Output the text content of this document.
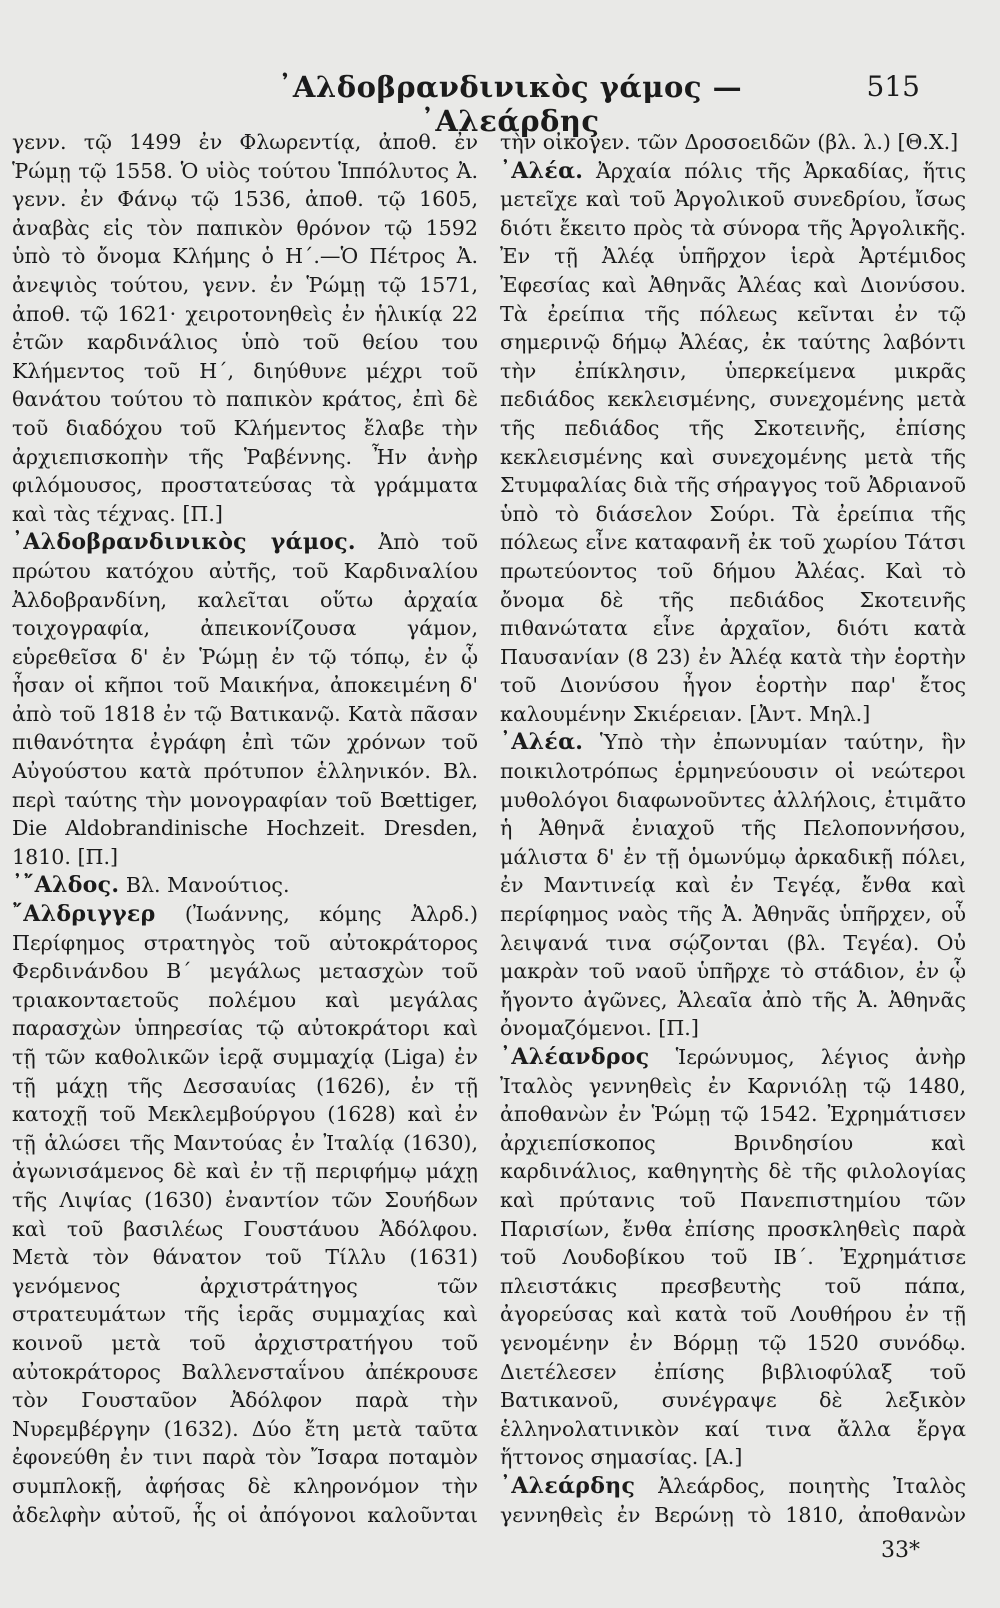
᾿Αλδοβρανδινικὸς γάμος — ᾿Αλεάρδης
515

γενν. τῷ 1499 ἐν Φλωρεντίᾳ, ἀποθ. ἐν Ῥώμῃ τῷ 1558. Ὁ υἱὸς τούτου Ἱππόλυτος Ἀ. γενν. ἐν Φάνῳ τῷ 1536, ἀποθ. τῷ 1605, ἀναβὰς εἰς τὸν παπικὸν θρόνον τῷ 1592 ὑπὸ τὸ ὄνομα Κλήμης ὁ Η΄.—Ὁ Πέτρος Ἀ. ἀνεψιὸς τούτου, γενν. ἐν Ῥώμῃ τῷ 1571, ἀποθ. τῷ 1621· χειροτονηθεὶς ἐν ἡλικίᾳ 22 ἐτῶν καρδινάλιος ὑπὸ τοῦ θείου του Κλήμεντος τοῦ Η΄, διηύθυνε μέχρι τοῦ θανάτου τούτου τὸ παπικὸν κράτος, ἐπὶ δὲ τοῦ διαδόχου τοῦ Κλήμεντος ἔλαβε τὴν ἀρχιεπισκοπὴν τῆς Ῥαβέννης. Ἦν ἀνὴρ φιλόμουσος, προστατεύσας τὰ γράμματα καὶ τὰς τέχνας. [Π.]

᾿Αλδοβρανδινικὸς γάμος. Ἀπὸ τοῦ πρώτου κατόχου αὐτῆς, τοῦ Καρδιναλίου Ἀλδοβρανδίνη, καλεῖται οὕτω ἀρχαία τοιχογραφία, ἀπεικονίζουσα γάμον, εὑρεθεῖσα δ' ἐν Ῥώμῃ ἐν τῷ τόπῳ, ἐν ᾧ ἦσαν οἱ κῆποι τοῦ Μαικήνα, ἀποκειμένη δ' ἀπὸ τοῦ 1818 ἐν τῷ Βατικανῷ. Κατὰ πᾶσαν πιθανότητα ἐγράφη ἐπὶ τῶν χρόνων τοῦ Αὐγούστου κατὰ πρότυπον ἑλληνικόν. Βλ. περὶ ταύτης τὴν μονογραφίαν τοῦ Bœttiger, Die Aldobrandinische Hochzeit. Dresden, 1810. [Π.]

᾿῎Αλδος. Βλ. Μανούτιος.

῎Αλδριγγερ (Ἰωάννης, κόμης Ἀλρδ.) Περίφημος στρατηγὸς τοῦ αὐτοκράτορος Φερδινάνδου Β΄ μεγάλως μετασχὼν τοῦ τριακονταετοῦς πολέμου καὶ μεγάλας παρασχὼν ὑπηρεσίας τῷ αὐτοκράτορι καὶ τῇ τῶν καθολικῶν ἱερᾷ συμμαχίᾳ (Liga) ἐν τῇ μάχῃ τῆς Δεσσαυίας (1626), ἐν τῇ κατοχῇ τοῦ Μεκλεμβούργου (1628) καὶ ἐν τῇ ἁλώσει τῆς Μαντούας ἐν Ἰταλίᾳ (1630), ἀγωνισάμενος δὲ καὶ ἐν τῇ περιφήμῳ μάχῃ τῆς Λιψίας (1630) ἐναντίον τῶν Σουήδων καὶ τοῦ βασιλέως Γουστάυου Ἀδόλφου. Μετὰ τὸν θάνατον τοῦ Τίλλυ (1631) γενόμενος ἀρχιστράτηγος τῶν στρατευμάτων τῆς ἱερᾶς συμμαχίας καὶ κοινοῦ μετὰ τοῦ ἀρχιστρατήγου τοῦ αὐτοκράτορος Βαλλενσταΐνου ἀπέκρουσε τὸν Γουσταῦον Ἀδόλφον παρὰ τὴν Νυρεμβέργην (1632). Δύο ἔτη μετὰ ταῦτα ἐφονεύθη ἐν τινι παρὰ τὸν Ἴσαρα ποταμὸν συμπλοκῇ, ἀφήσας δὲ κληρονόμον τὴν ἀδελφὴν αὐτοῦ, ἧς οἱ ἀπόγονοι καλοῦνται

τὴν οἰκογεν. τῶν Δροσοειδῶν (βλ. λ.) [Θ.Χ.]

᾿Αλέα. Ἀρχαία πόλις τῆς Ἀρκαδίας, ἥτις μετεῖχε καὶ τοῦ Ἀργολικοῦ συνεδρίου, ἴσως διότι ἔκειτο πρὸς τὰ σύνορα τῆς Ἀργολικῆς. Ἐν τῇ Ἀλέᾳ ὑπῆρχον ἱερὰ Ἀρτέμιδος Ἐφεσίας καὶ Ἀθηνᾶς Ἀλέας καὶ Διονύσου. Τὰ ἐρείπια τῆς πόλεως κεῖνται ἐν τῷ σημερινῷ δήμῳ Ἀλέας, ἐκ ταύτης λαβόντι τὴν ἐπίκλησιν, ὑπερκείμενα μικρᾶς πεδιάδος κεκλεισμένης, συνεχομένης μετὰ τῆς πεδιάδος τῆς Σκοτεινῆς, ἐπίσης κεκλεισμένης καὶ συνεχομένης μετὰ τῆς Στυμφαλίας διὰ τῆς σήραγγος τοῦ Ἀδριανοῦ ὑπὸ τὸ διάσελον Σούρι. Τὰ ἐρείπια τῆς πόλεως εἶνε καταφανῆ ἐκ τοῦ χωρίου Τάτσι πρωτεύοντος τοῦ δήμου Ἀλέας. Καὶ τὸ ὄνομα δὲ τῆς πεδιάδος Σκοτεινῆς πιθανώτατα εἶνε ἀρχαῖον, διότι κατὰ Παυσανίαν (8 23) ἐν Ἀλέᾳ κατὰ τὴν ἑορτὴν τοῦ Διονύσου ἦγον ἑορτὴν παρ' ἔτος καλουμένην Σκιέρειαν. [Ἀντ. Μηλ.]

᾿Αλέα. Ὑπὸ τὴν ἐπωνυμίαν ταύτην, ἣν ποικιλοτρόπως ἑρμηνεύουσιν οἱ νεώτεροι μυθολόγοι διαφωνοῦντες ἀλλήλοις, ἐτιμᾶτο ἡ Ἀθηνᾶ ἐνιαχοῦ τῆς Πελοποννήσου, μάλιστα δ' ἐν τῇ ὁμωνύμῳ ἀρκαδικῇ πόλει, ἐν Μαντινείᾳ καὶ ἐν Τεγέᾳ, ἔνθα καὶ περίφημος ναὸς τῆς Ἀ. Ἀθηνᾶς ὑπῆρχεν, οὗ λειψανά τινα σῴζονται (βλ. Τεγέα). Οὐ μακρὰν τοῦ ναοῦ ὑπῆρχε τὸ στάδιον, ἐν ᾧ ἤγοντο ἀγῶνες, Ἀλεαῖα ἀπὸ τῆς Ἀ. Ἀθηνᾶς ὀνομαζόμενοι. [Π.]

᾿Αλέανδρος Ἱερώνυμος, λέγιος ἀνὴρ Ἰταλὸς γεννηθεὶς ἐν Καρνιόλῃ τῷ 1480, ἀποθανὼν ἐν Ῥώμῃ τῷ 1542. Ἐχρημάτισεν ἀρχιεπίσκοπος Βρινδησίου καὶ καρδινάλιος, καθηγητὴς δὲ τῆς φιλολογίας καὶ πρύτανις τοῦ Πανεπιστημίου τῶν Παρισίων, ἔνθα ἐπίσης προσκληθεὶς παρὰ τοῦ Λουδοβίκου τοῦ ΙΒ΄. Ἐχρημάτισε πλειστάκις πρεσβευτὴς τοῦ πάπα, ἀγορεύσας καὶ κατὰ τοῦ Λουθήρου ἐν τῇ γενομένην ἐν Βόρμῃ τῷ 1520 συνόδῳ. Διετέλεσεν ἐπίσης βιβλιοφύλαξ τοῦ Βατικανοῦ, συνέγραψε δὲ λεξικὸν ἑλληνολατινικὸν καί τινα ἄλλα ἔργα ἥττονος σημασίας. [Α.]

᾿Αλεάρδης Ἀλεάρδος, ποιητὴς Ἰταλὸς γεννηθεὶς ἐν Βερώνῃ τὸ 1810, ἀποθανὼν

33*
